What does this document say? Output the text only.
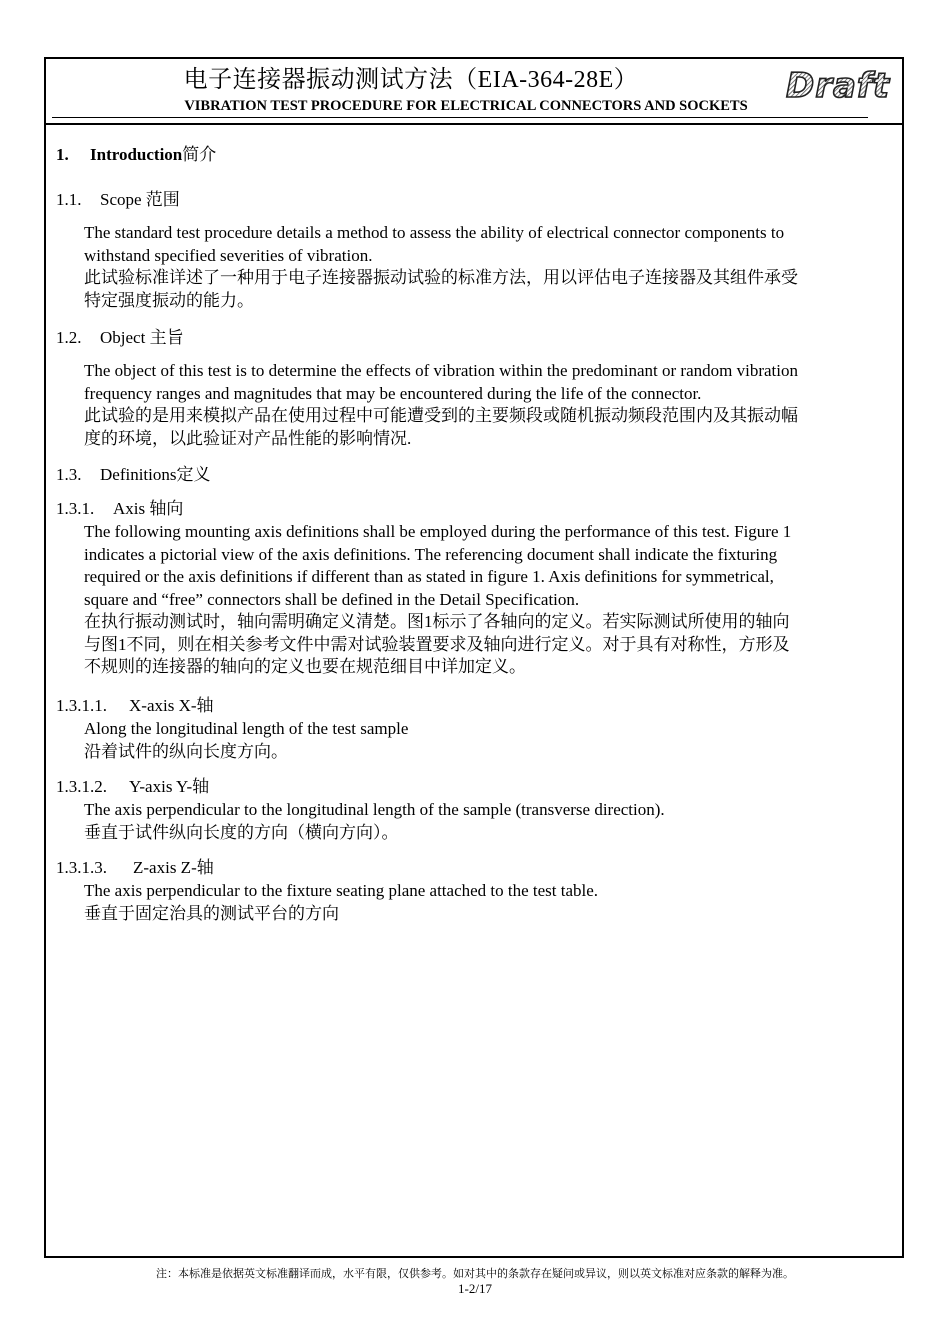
电子连接器振动测试方法（EIA-364-28E）
VIBRATION TEST PROCEDURE FOR ELECTRICAL CONNECTORS AND SOCKETS	Draft
1. Introduction简介
1.1. Scope 范围

The standard test procedure details a method to assess the ability of electrical connector components to

withstand specified severities of vibration.

此试验标准详述了一种用于电子连接器振动试验的标准方法，用以评估电子连接器及其组件承受

特定强度振动的能力。

1.2. Object 主旨

The object of this test is to determine the effects of vibration within the predominant or random vibration

frequency ranges and magnitudes that may be encountered during the life of the connector.

此试验的是用来模拟产品在使用过程中可能遭受到的主要频段或随机振动频段范围内及其振动幅

度的环境，以此验证对产品性能的影响情况.

1.3. Definitions定义
1.3.1. Axis 轴向

The following mounting axis definitions shall be employed during the performance of this test. Figure 1

indicates a pictorial view of the axis definitions. The referencing document shall indicate the fixturing

required or the axis definitions if different than as stated in figure 1. Axis definitions for symmetrical,

square and “free” connectors shall be defined in the Detail Specification.

在执行振动测试时，轴向需明确定义清楚。图1标示了各轴向的定义。若实际测试所使用的轴向

与图1不同，则在相关参考文件中需对试验装置要求及轴向进行定义。对于具有对称性，方形及

不规则的连接器的轴向的定义也要在规范细目中详加定义。

1.3.1.1. X-axis X-轴

Along the longitudinal length of the test sample

沿着试件的纵向长度方向。

1.3.1.2. Y-axis Y-轴

The axis perpendicular to the longitudinal length of the sample (transverse direction).

垂直于试件纵向长度的方向（横向方向）。

1.3.1.3. Z-axis Z-轴

The axis perpendicular to the fixture seating plane attached to the test table.

垂直于固定治具的测试平台的方向

注：本标准是依据英文标准翻译而成，水平有限，仅供参考。如对其中的条款存在疑问或异议，则以英文标准对应条款的解释为准。
1-2/17
